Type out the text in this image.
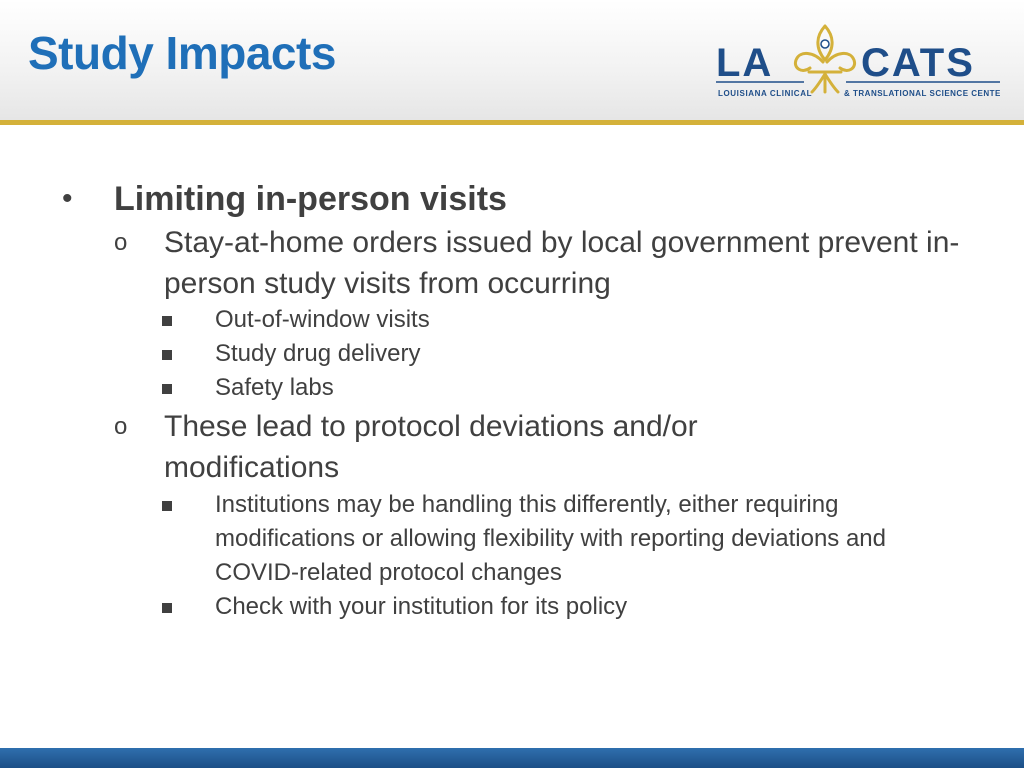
Study Impacts	LA CATS
LOUISIANA CLINICAL	& TRANSLATIONAL SCIENCE CENTER
• Limiting in-person visits
o Stay-at-home orders issued by local government prevent in-person study visits from occurring
Out-of-window visits
Study drug delivery
Safety labs
o These lead to protocol deviations and/or modifications
Institutions may be handling this differently, either requiring modifications or allowing flexibility with reporting deviations and COVID-related protocol changes
Check with your institution for its policy
